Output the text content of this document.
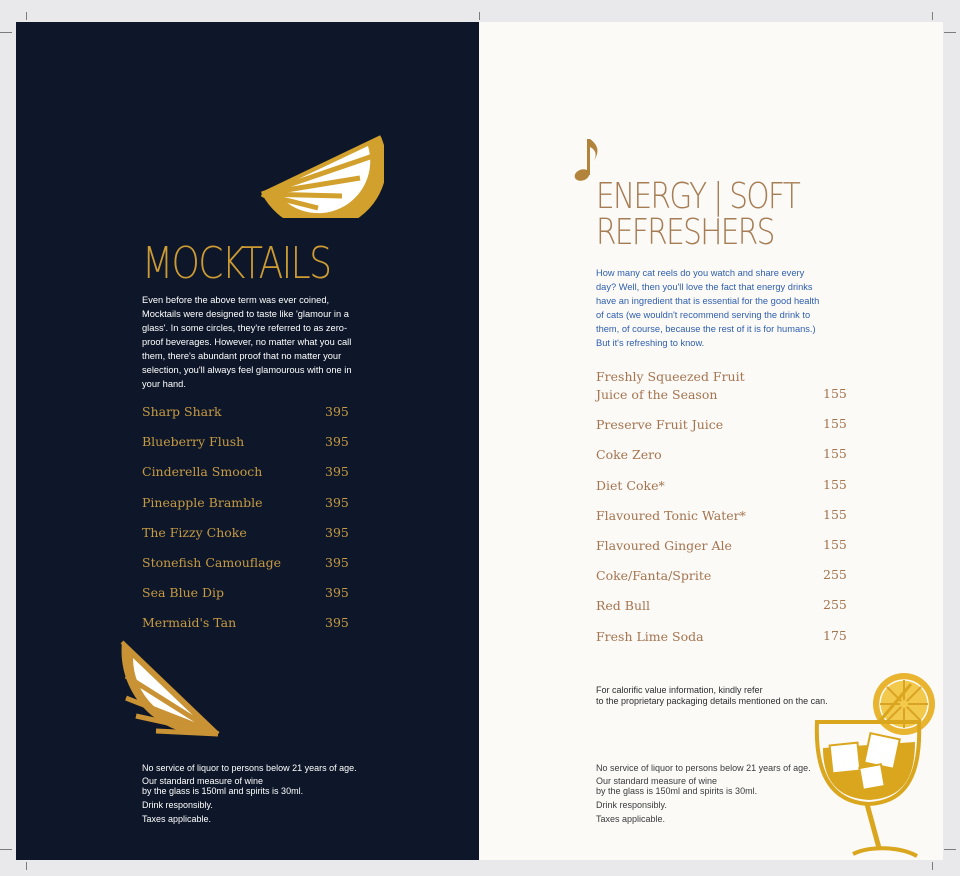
MOCKTAILS

Even before the above term was ever coined, Mocktails were designed to taste like 'glamour in a glass'. In some circles, they're referred to as zero-proof beverages. However, no matter what you call them, there's abundant proof that no matter your selection, you'll always feel glamourous with one in your hand.

Sharp Shark	395
Blueberry Flush	395
Cinderella Smooch	395
Pineapple Bramble	395
The Fizzy Choke	395
Stonefish Camouflage	395
Sea Blue Dip	395
Mermaid's Tan	395
No service of liquor to persons below 21 years of age.
Our standard measure of wine
by the glass is 150ml and spirits is 30ml.
Drink responsibly.
Taxes applicable.
ENERGY | SOFT
REFRESHERS

How many cat reels do you watch and share every day? Well, then you'll love the fact that energy drinks have an ingredient that is essential for the good health of cats (we wouldn't recommend serving the drink to them, of course, because the rest of it is for humans.) But it's refreshing to know.

Freshly Squeezed Fruit
Juice of the Season	155
Preserve Fruit Juice	155
Coke Zero	155
Diet Coke*	155
Flavoured Tonic Water*	155
Flavoured Ginger Ale	155
Coke/Fanta/Sprite	255
Red Bull	255
Fresh Lime Soda	175
For calorific value information, kindly refer
to the proprietary packaging details mentioned on the can.
No service of liquor to persons below 21 years of age.
Our standard measure of wine
by the glass is 150ml and spirits is 30ml.
Drink responsibly.
Taxes applicable.
